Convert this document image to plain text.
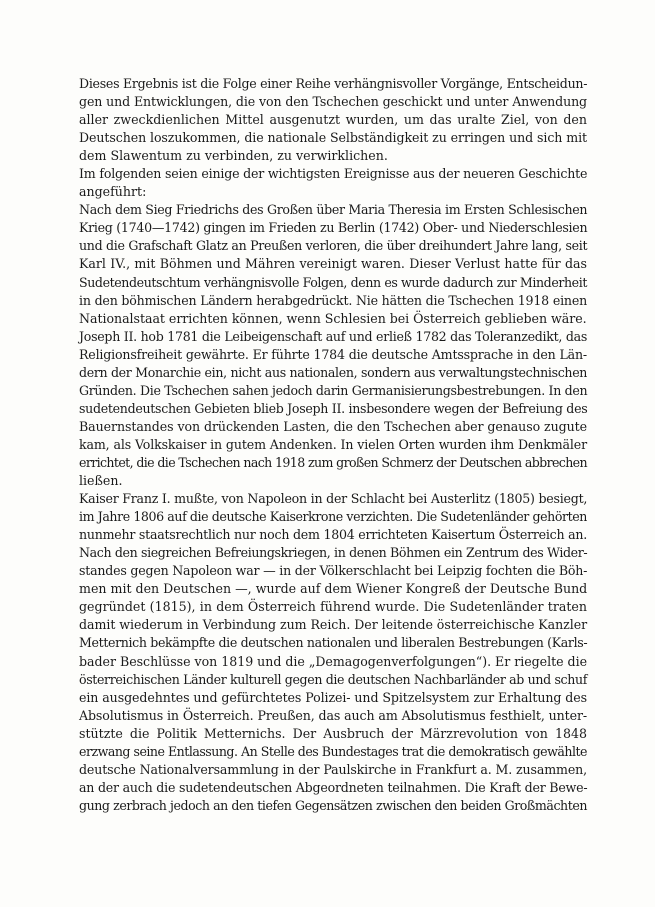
Dieses Ergebnis ist die Folge einer Reihe verhängnisvoller Vorgänge, Entscheidun-
gen und Entwicklungen, die von den Tschechen geschickt und unter Anwendung
aller zweckdienlichen Mittel ausgenutzt wurden, um das uralte Ziel, von den
Deutschen loszukommen, die nationale Selbständigkeit zu erringen und sich mit
dem Slawentum zu verbinden, zu verwirklichen.
Im folgenden seien einige der wichtigsten Ereignisse aus der neueren Geschichte
angeführt:
Nach dem Sieg Friedrichs des Großen über Maria Theresia im Ersten Schlesischen
Krieg (1740—1742) gingen im Frieden zu Berlin (1742) Ober- und Niederschlesien
und die Grafschaft Glatz an Preußen verloren, die über dreihundert Jahre lang, seit
Karl IV., mit Böhmen und Mähren vereinigt waren. Dieser Verlust hatte für das
Sudetendeutschtum verhängnisvolle Folgen, denn es wurde dadurch zur Minderheit
in den böhmischen Ländern herabgedrückt. Nie hätten die Tschechen 1918 einen
Nationalstaat errichten können, wenn Schlesien bei Österreich geblieben wäre.
Joseph II. hob 1781 die Leibeigenschaft auf und erließ 1782 das Toleranzedikt, das
Religionsfreiheit gewährte. Er führte 1784 die deutsche Amtssprache in den Län-
dern der Monarchie ein, nicht aus nationalen, sondern aus verwaltungstechnischen
Gründen. Die Tschechen sahen jedoch darin Germanisierungsbestrebungen. In den
sudetendeutschen Gebieten blieb Joseph II. insbesondere wegen der Befreiung des
Bauernstandes von drückenden Lasten, die den Tschechen aber genauso zugute
kam, als Volkskaiser in gutem Andenken. In vielen Orten wurden ihm Denkmäler
errichtet, die die Tschechen nach 1918 zum großen Schmerz der Deutschen abbrechen
ließen.
Kaiser Franz I. mußte, von Napoleon in der Schlacht bei Austerlitz (1805) besiegt,
im Jahre 1806 auf die deutsche Kaiserkrone verzichten. Die Sudetenländer gehörten
nunmehr staatsrechtlich nur noch dem 1804 errichteten Kaisertum Österreich an.
Nach den siegreichen Befreiungskriegen, in denen Böhmen ein Zentrum des Wider-
standes gegen Napoleon war — in der Völkerschlacht bei Leipzig fochten die Böh-
men mit den Deutschen —, wurde auf dem Wiener Kongreß der Deutsche Bund
gegründet (1815), in dem Österreich führend wurde. Die Sudetenländer traten
damit wiederum in Verbindung zum Reich. Der leitende österreichische Kanzler
Metternich bekämpfte die deutschen nationalen und liberalen Bestrebungen (Karls-
bader Beschlüsse von 1819 und die „Demagogenverfolgungen“). Er riegelte die
österreichischen Länder kulturell gegen die deutschen Nachbarländer ab und schuf
ein ausgedehntes und gefürchtetes Polizei- und Spitzelsystem zur Erhaltung des
Absolutismus in Österreich. Preußen, das auch am Absolutismus festhielt, unter-
stützte die Politik Metternichs. Der Ausbruch der Märzrevolution von 1848
erzwang seine Entlassung. An Stelle des Bundestages trat die demokratisch gewählte
deutsche Nationalversammlung in der Paulskirche in Frankfurt a. M. zusammen,
an der auch die sudetendeutschen Abgeordneten teilnahmen. Die Kraft der Bewe-
gung zerbrach jedoch an den tiefen Gegensätzen zwischen den beiden Großmächten
